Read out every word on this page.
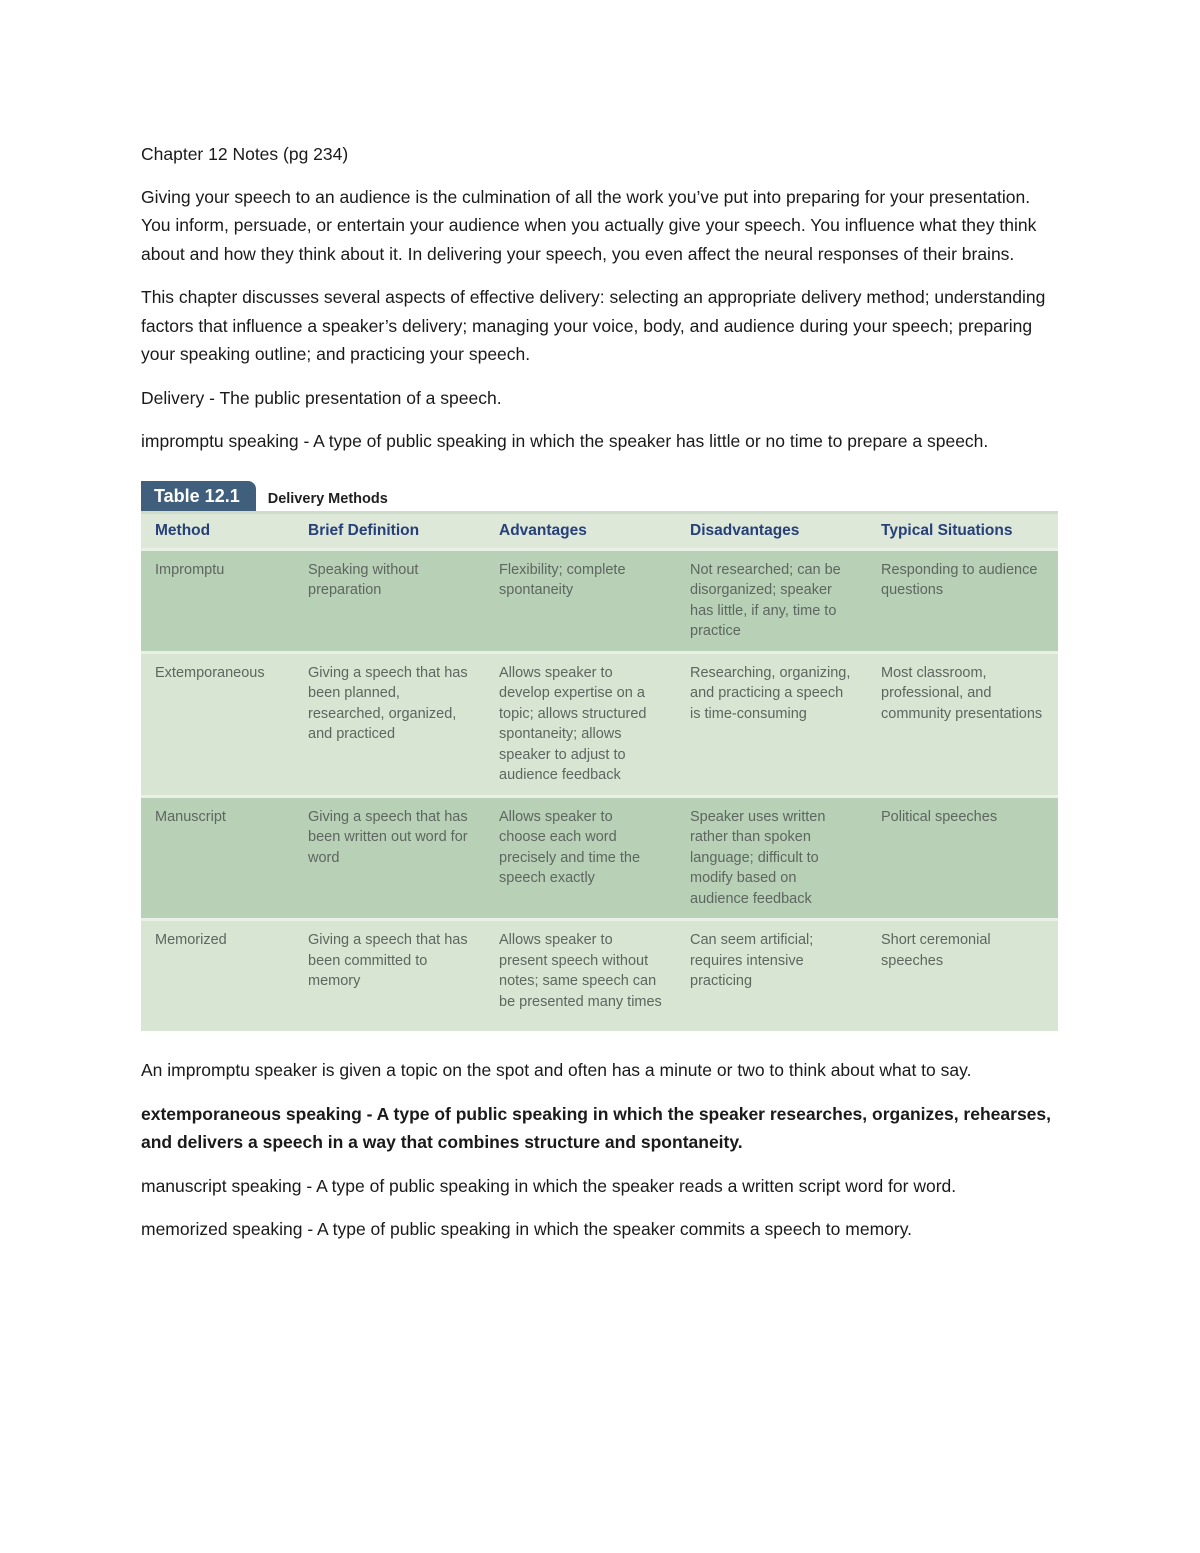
Chapter 12 Notes (pg 234)

Giving your speech to an audience is the culmination of all the work you’ve put into preparing for your presentation. You inform, persuade, or entertain your audience when you actually give your speech. You influence what they think about and how they think about it. In delivering your speech, you even affect the neural responses of their brains.

This chapter discusses several aspects of effective delivery: selecting an appropriate delivery method; understanding factors that influence a speaker’s delivery; managing your voice, body, and audience during your speech; preparing your speaking outline; and practicing your speech.

Delivery - The public presentation of a speech.

impromptu speaking - A type of public speaking in which the speaker has little or no time to prepare a speech.

Table 12.1	Delivery Methods
Method	Brief Definition	Advantages	Disadvantages	Typical Situations
Impromptu	Speaking without preparation	Flexibility; complete spontaneity	Not researched; can be disorganized; speaker has little, if any, time to practice	Responding to audience questions
Extemporaneous	Giving a speech that has been planned, researched, organized, and practiced	Allows speaker to develop expertise on a topic; allows structured spontaneity; allows speaker to adjust to audience feedback	Researching, organizing, and practicing a speech is time-consuming	Most classroom, professional, and community presentations
Manuscript	Giving a speech that has been written out word for word	Allows speaker to choose each word precisely and time the speech exactly	Speaker uses written rather than spoken language; difficult to modify based on audience feedback	Political speeches
Memorized	Giving a speech that has been committed to memory	Allows speaker to present speech without notes; same speech can be presented many times	Can seem artificial; requires intensive practicing	Short ceremonial speeches

An impromptu speaker is given a topic on the spot and often has a minute or two to think about what to say.

extemporaneous speaking - A type of public speaking in which the speaker researches, organizes, rehearses, and delivers a speech in a way that combines structure and spontaneity.

manuscript speaking - A type of public speaking in which the speaker reads a written script word for word.

memorized speaking - A type of public speaking in which the speaker commits a speech to memory.
